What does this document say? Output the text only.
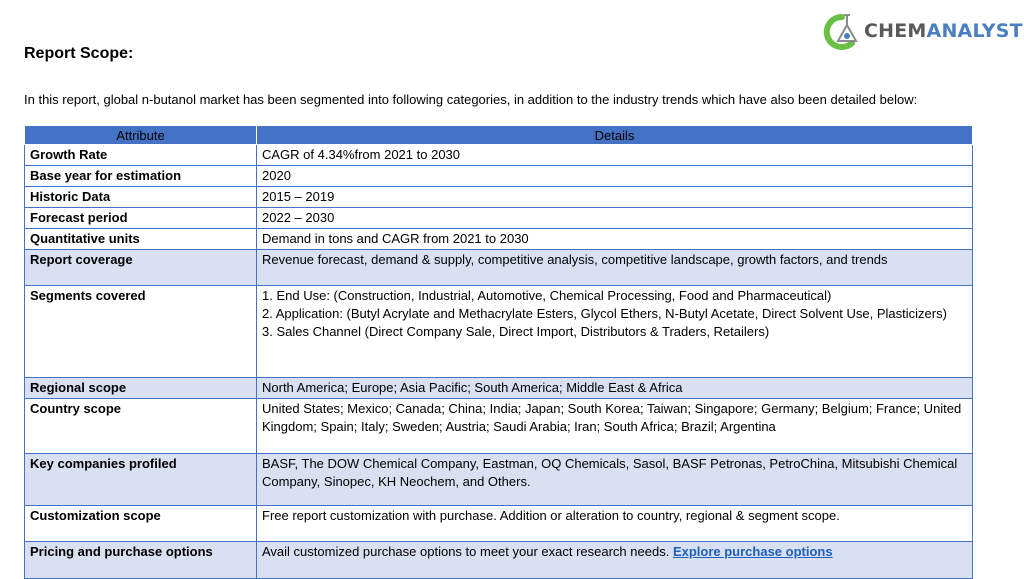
CHEMANALYST
Report Scope:
In this report, global n-butanol market has been segmented into following categories, in addition to the industry trends which have also been detailed below:
Attribute	Details
Growth Rate	CAGR of 4.34%from 2021 to 2030
Base year for estimation	2020
Historic Data	2015 – 2019
Forecast period	2022 – 2030
Quantitative units	Demand in tons and CAGR from 2021 to 2030
Report coverage	Revenue forecast, demand & supply, competitive analysis, competitive landscape, growth factors, and trends
Segments covered	1. End Use: (Construction, Industrial, Automotive, Chemical Processing, Food and Pharmaceutical)
2. Application: (Butyl Acrylate and Methacrylate Esters, Glycol Ethers, N-Butyl Acetate, Direct Solvent Use, Plasticizers)
3. Sales Channel (Direct Company Sale, Direct Import, Distributors & Traders, Retailers)

Regional scope	North America; Europe; Asia Pacific; South America; Middle East & Africa
Country scope	United States; Mexico; Canada; China; India; Japan; South Korea; Taiwan; Singapore; Germany; Belgium; France; United Kingdom; Spain; Italy; Sweden; Austria; Saudi Arabia; Iran; South Africa; Brazil; Argentina
Key companies profiled	BASF, The DOW Chemical Company, Eastman, OQ Chemicals, Sasol, BASF Petronas, PetroChina, Mitsubishi Chemical Company, Sinopec, KH Neochem, and Others.
Customization scope	Free report customization with purchase. Addition or alteration to country, regional & segment scope.
Pricing and purchase options	Avail customized purchase options to meet your exact research needs. Explore purchase options
